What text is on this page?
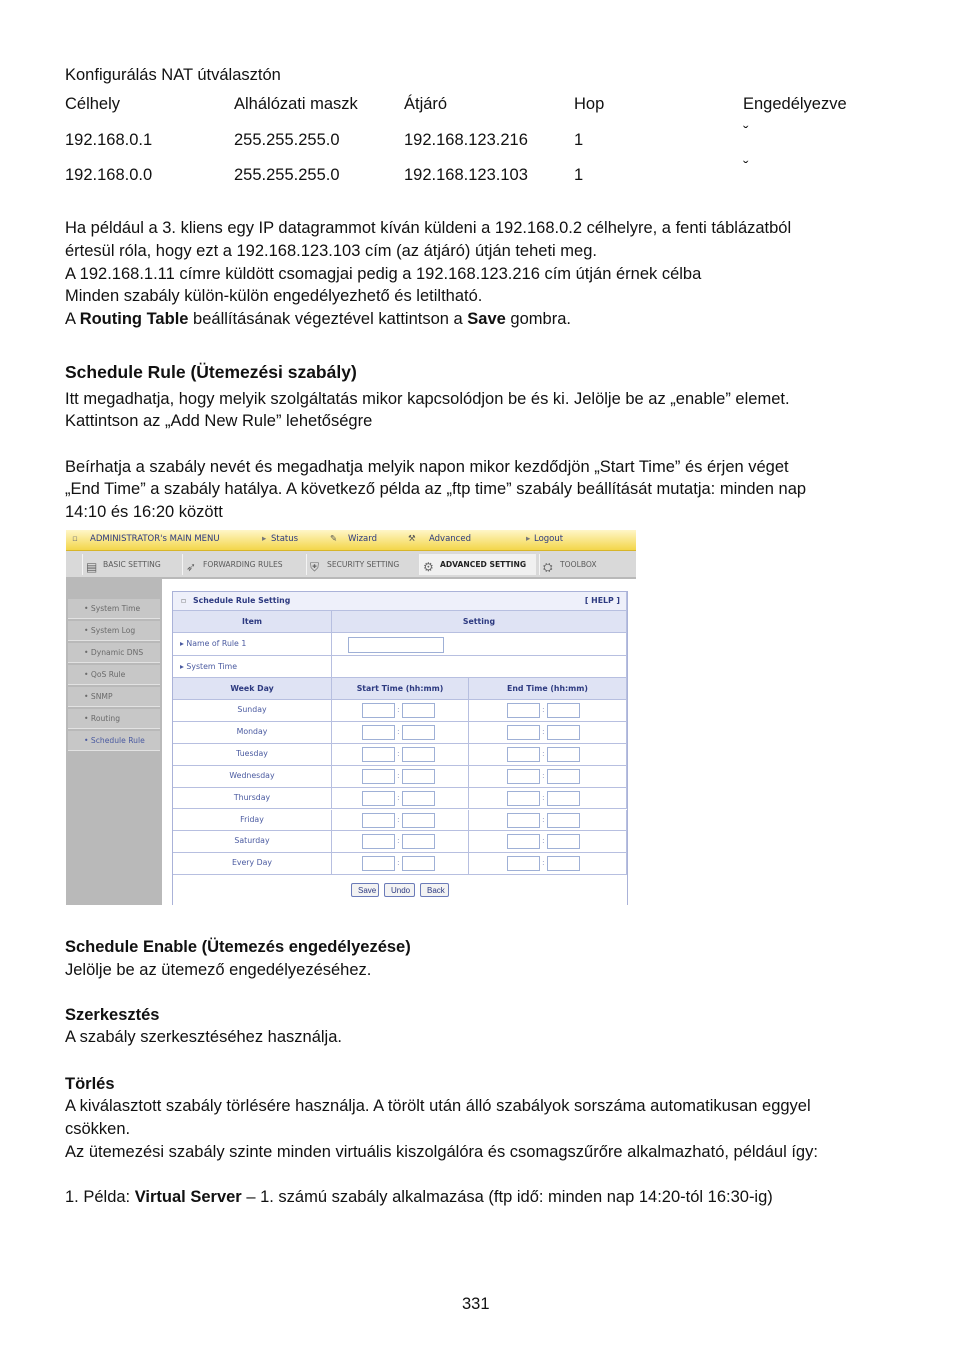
Konfigurálás NAT útválasztón
Célhely	Alhálózati maszk	Átjáró	Hop	Engedélyezve
192.168.0.1	255.255.255.0	192.168.123.216	1	ˇ
192.168.0.0	255.255.255.0	192.168.123.103	1	ˇ
Ha például a 3. kliens egy IP datagrammot kíván küldeni a 192.168.0.2 célhelyre, a fenti táblázatból
értesül róla, hogy ezt a 192.168.123.103 cím (az átjáró) útján teheti meg.
A 192.168.1.11 címre küldött csomagjai pedig a 192.168.123.216 cím útján érnek célba
Minden szabály külön-külön engedélyezhető és letiltható.
A Routing Table beállításának végeztével kattintson a Save gombra.
Schedule Rule (Ütemezési szabály)
Itt megadhatja, hogy melyik szolgáltatás mikor kapcsolódjon be és ki. Jelölje be az „enable” elemet.
Kattintson az „Add New Rule” lehetőségre
Beírhatja a szabály nevét és megadhatja melyik napon mikor kezdődjön „Start Time” és érjen véget
„End Time” a szabály hatálya. A következő példa az „ftp time” szabály beállítását mutatja: minden nap
14:10 és 16:20 között
▫ ADMINISTRATOR's MAIN MENU	▸ Status	✎ Wizard	⚒ Advanced	▸ Logout
▤ BASIC SETTING	➶ FORWARDING RULES	⛨ SECURITY SETTING	⚙ ADVANCED SETTING	⛭ TOOLBOX
• System Time
• System Log
• Dynamic DNS
• QoS Rule
• SNMP
• Routing
• Schedule Rule
▫ Schedule Rule Setting	[ HELP ]
Item	Setting
▸ Name of Rule 1
▸ System Time
Week Day	Start Time (hh:mm)	End Time (hh:mm)
Sunday	:	:
Monday	:	:
Tuesday	:	:
Wednesday	:	:
Thursday	:	:
Friday	:	:
Saturday	:	:
Every Day	:	:
Save	Undo	Back
Schedule Enable (Ütemezés engedélyezése)
Jelölje be az ütemező engedélyezéséhez.
Szerkesztés
A szabály szerkesztéséhez használja.
Törlés
A kiválasztott szabály törlésére használja. A törölt után álló szabályok sorszáma automatikusan eggyel
csökken.
Az ütemezési szabály szinte minden virtuális kiszolgálóra és csomagszűrőre alkalmazható, például így:
1. Példa: Virtual Server – 1. számú szabály alkalmazása (ftp idő: minden nap 14:20-tól 16:30-ig)
331
